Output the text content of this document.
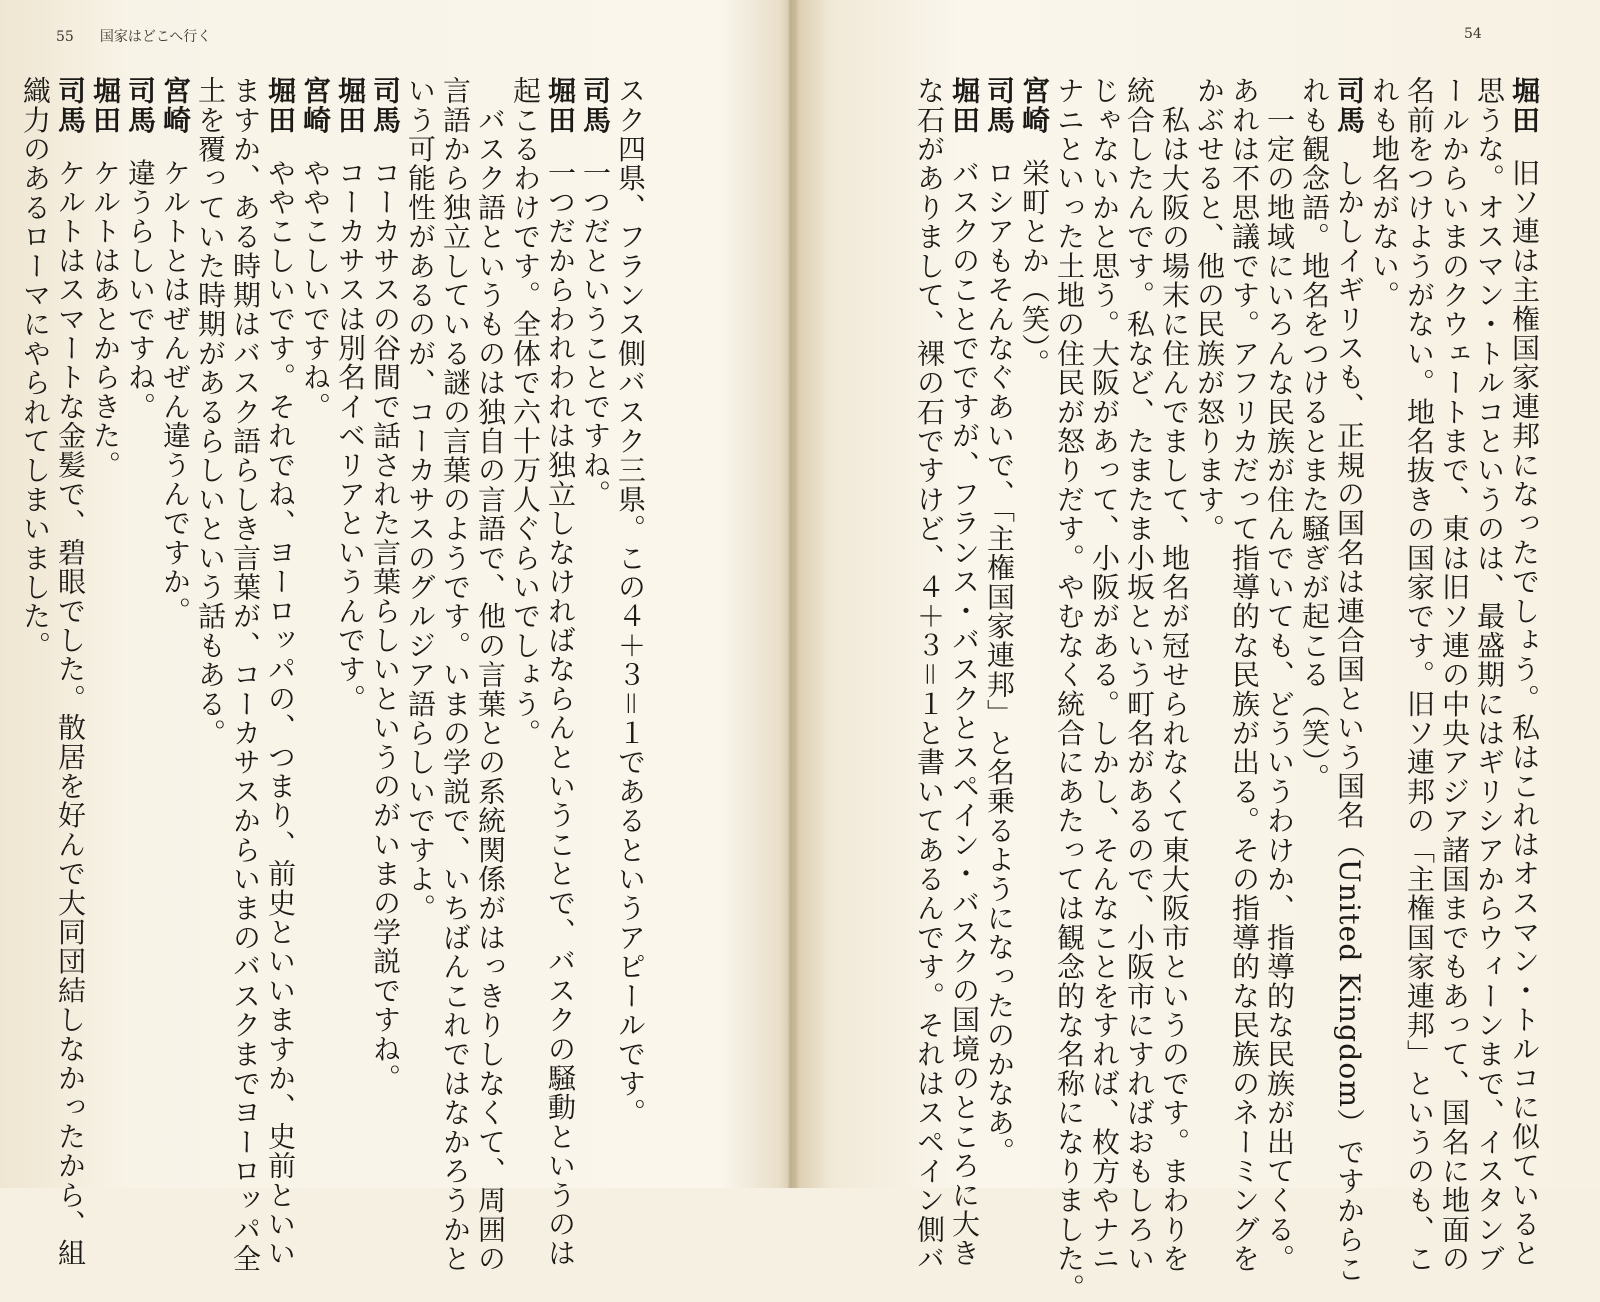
55 国家はどこへ行く
スク四県、フランス側バスク三県。この４＋３＝１であるというアピールです。
司馬一つだということですね。
堀田一つだからわれわれは独立しなければならんということで、バスクの騒動というのは
起こるわけです。全体で六十万人ぐらいでしょう。
　バスク語というものは独自の言語で、他の言葉との系統関係がはっきりしなくて、周囲の
言語から独立している謎の言葉のようです。いまの学説で、いちばんこれではなかろうかと
いう可能性があるのが、コーカサスのグルジア語らしいですよ。
司馬コーカサスの谷間で話された言葉らしいというのがいまの学説ですね。
堀田コーカサスは別名イベリアというんです。
宮崎ややこしいですね。
堀田ややこしいです。それでね、ヨーロッパの、つまり、前史といいますか、史前といい
ますか、ある時期はバスク語らしき言葉が、コーカサスからいまのバスクまでヨーロッパ全
土を覆っていた時期があるらしいという話もある。
宮崎ケルトとはぜんぜん違うんですか。
司馬違うらしいですね。
堀田ケルトはあとからきた。
司馬ケルトはスマートな金髪で、碧眼でした。散居を好んで大同団結しなかったから、組
織力のあるローマにやられてしまいました。
54
堀田旧ソ連は主権国家連邦になったでしょう。私はこれはオスマン・トルコに似ていると
思うな。オスマン・トルコというのは、最盛期にはギリシアからウィーンまで、イスタンブ
ールからいまのクウェートまで、東は旧ソ連の中央アジア諸国までもあって、国名に地面の
名前をつけようがない。地名抜きの国家です。旧ソ連邦の「主権国家連邦」というのも、こ
れも地名がない。
司馬しかしイギリスも、正規の国名は連合国という国名（United Kingdom）ですからこ
れも観念語。地名をつけるとまた騒ぎが起こる（笑）。
　一定の地域にいろんな民族が住んでいても、どういうわけか、指導的な民族が出てくる。
あれは不思議です。アフリカだって指導的な民族が出る。その指導的な民族のネーミングを
かぶせると、他の民族が怒ります。
　私は大阪の場末に住んでまして、地名が冠せられなくて東大阪市というのです。まわりを
統合したんです。私など、たまたま小坂という町名があるので、小阪市にすればおもしろい
じゃないかと思う。大阪があって、小阪がある。しかし、そんなことをすれば、枚方やナニ
ナニといった土地の住民が怒りだす。やむなく統合にあたっては観念的な名称になりました。
宮崎栄町とか（笑）。
司馬ロシアもそんなぐあいで、「主権国家連邦」と名乗るようになったのかなあ。
堀田バスクのことでですが、フランス・バスクとスペイン・バスクの国境のところに大き
な石がありまして、裸の石ですけど、４＋３＝１と書いてあるんです。それはスペイン側バ
